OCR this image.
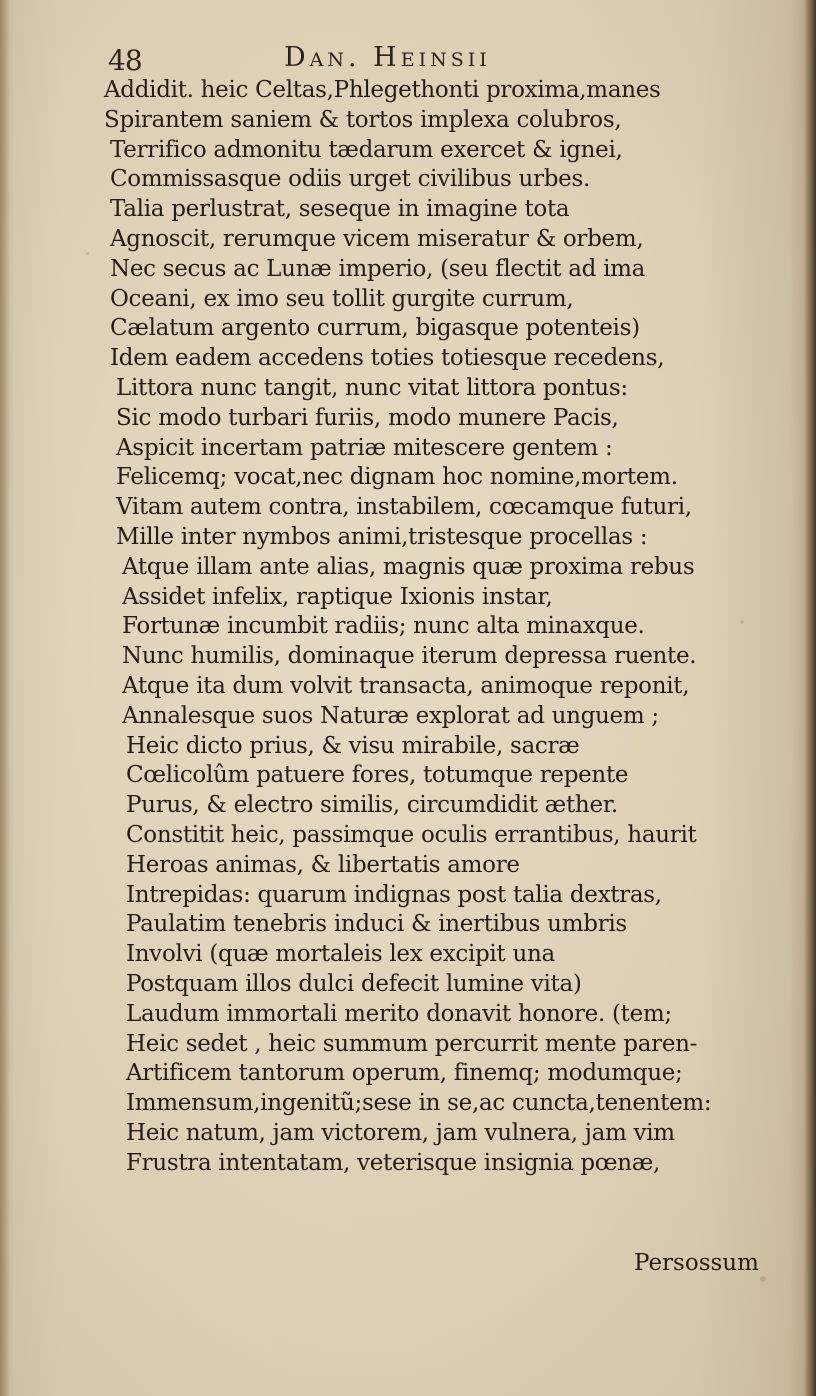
48	Dan. Heinsii
Addidit. heic Celtas,Phlegethonti proxima,manes
Spirantem saniem & tortos implexa colubros,
Terrifico admonitu tædarum exercet & ignei,
Commissasque odiis urget civilibus urbes.
Talia perlustrat, seseque in imagine tota
Agnoscit, rerumque vicem miseratur & orbem,
Nec secus ac Lunæ imperio, (seu flectit ad ima
Oceani, ex imo seu tollit gurgite currum,
Cælatum argento currum, bigasque potenteis)
Idem eadem accedens toties totiesque recedens,
Littora nunc tangit, nunc vitat littora pontus:
Sic modo turbari furiis, modo munere Pacis,
Aspicit incertam patriæ mitescere gentem :
Felicemq; vocat,nec dignam hoc nomine,mortem.
Vitam autem contra, instabilem, cœcamque futuri,
Mille inter nymbos animi,tristesque procellas :
Atque illam ante alias, magnis quæ proxima rebus
Assidet infelix, raptique Ixionis instar,
Fortunæ incumbit radiis; nunc alta minaxque.
Nunc humilis, dominaque iterum depressa ruente.
Atque ita dum volvit transacta, animoque reponit,
Annalesque suos Naturæ explorat ad unguem ;
Heic dicto prius, & visu mirabile, sacræ
Cœlicolûm patuere fores, totumque repente
Purus, & electro similis, circumdidit æther.
Constitit heic, passimque oculis errantibus, haurit
Heroas animas, & libertatis amore
Intrepidas: quarum indignas post talia dextras,
Paulatim tenebris induci & inertibus umbris
Involvi (quæ mortaleis lex excipit una
Postquam illos dulci defecit lumine vita)
Laudum immortali merito donavit honore. (tem;
Heic sedet , heic summum percurrit mente paren-
Artificem tantorum operum, finemq; modumque;
Immensum,ingenitũ;sese in se,ac cuncta,tenentem:
Heic natum, jam victorem, jam vulnera, jam vim
Frustra intentatam, veterisque insignia pœnæ,
Persossum
